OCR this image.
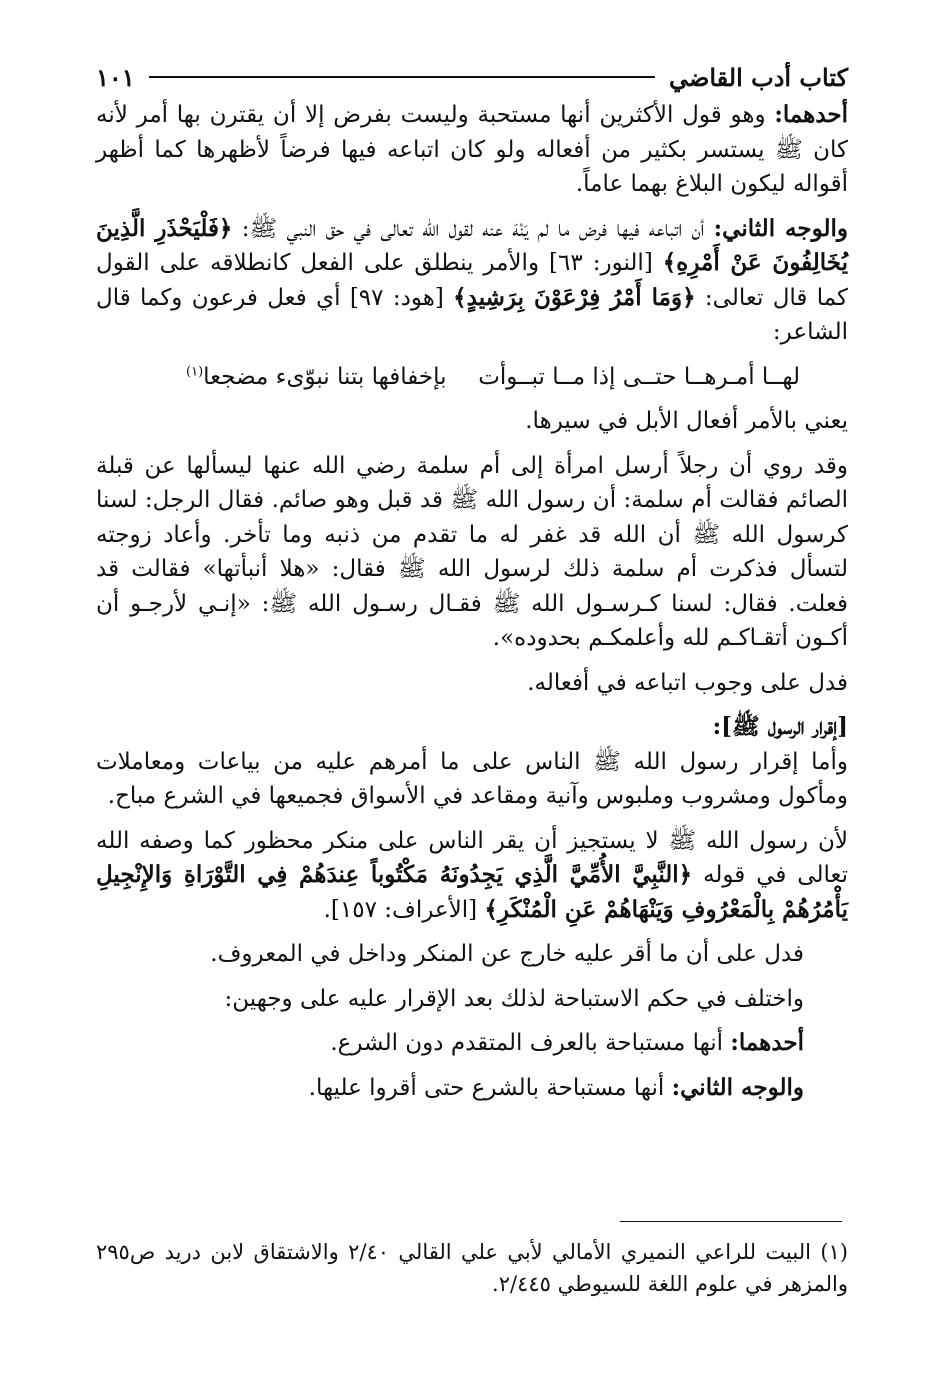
كتاب أدب القاضي
١٠١

أحدهما: وهو قول الأكثرين أنها مستحبة وليست بفرض إلا أن يقترن بها أمر لأنه كان ﷺ يستسر بكثير من أفعاله ولو كان اتباعه فيها فرضاً لأظهرها كما أظهر أقواله ليكون البلاغ بهما عاماً.

والوجه الثاني: أن اتباعه فيها فرض ما لم يَنْهَ عنه لقول الله تعالى في حق النبي ﷺ: ﴿فَلْيَحْذَرِ الَّذِينَ يُخَالِفُونَ عَنْ أَمْرِهِ﴾ [النور: ٦٣] والأمر ينطلق على الفعل كانطلاقه على القول كما قال تعالى: ﴿وَمَا أَمْرُ فِرْعَوْنَ بِرَشِيدٍ﴾ [هود: ٩٧] أي فعل فرعون وكما قال الشاعر:

لهــا أمـرهــا حتــى إذا مــا تبــوأت
بإخفافها بتنا نبوّىء مضجعا$^{(١)}$

يعني بالأمر أفعال الأبل في سيرها.

وقد روي أن رجلاً أرسل امرأة إلى أم سلمة رضي الله عنها ليسألها عن قبلة الصائم فقالت أم سلمة: أن رسول الله ﷺ قد قبل وهو صائم. فقال الرجل: لسنا كرسول الله ﷺ أن الله قد غفر له ما تقدم من ذنبه وما تأخر. وأعاد زوجته لتسأل فذكرت أم سلمة ذلك لرسول الله ﷺ فقال: «هلا أنبأتها» فقالت قد فعلت. فقال: لسنا كـرسـول الله ﷺ فقـال رسـول الله ﷺ: «إنـي لأرجـو أن أكـون أتقـاكـم لله وأعلمكـم بحدوده».

فدل على وجوب اتباعه في أفعاله.

[إقرار الرسول ﷺ]:

وأما إقرار رسول الله ﷺ الناس على ما أمرهم عليه من بياعات ومعاملات ومأكول ومشروب وملبوس وآنية ومقاعد في الأسواق فجميعها في الشرع مباح.

لأن رسول الله ﷺ لا يستجيز أن يقر الناس على منكر محظور كما وصفه الله تعالى في قوله ﴿النَّبِيَّ الأُمِّيَّ الَّذِي يَجِدُونَهُ مَكْتُوباً عِندَهُمْ فِي التَّوْرَاةِ وَالإِنْجِيلِ يَأْمُرُهُمْ بِالْمَعْرُوفِ وَيَنْهَاهُمْ عَنِ الْمُنْكَرِ﴾ [الأعراف: ١٥٧].

فدل على أن ما أقر عليه خارج عن المنكر وداخل في المعروف.

واختلف في حكم الاستباحة لذلك بعد الإقرار عليه على وجهين:

أحدهما: أنها مستباحة بالعرف المتقدم دون الشرع.

والوجه الثاني: أنها مستباحة بالشرع حتى أقروا عليها.

(١) البيت للراعي النميري الأمالي لأبي علي القالي ٢/٤٠ والاشتقاق لابن دريد ص٢٩٥ والمزهر في علوم اللغة للسيوطي ٢/٤٤٥.
